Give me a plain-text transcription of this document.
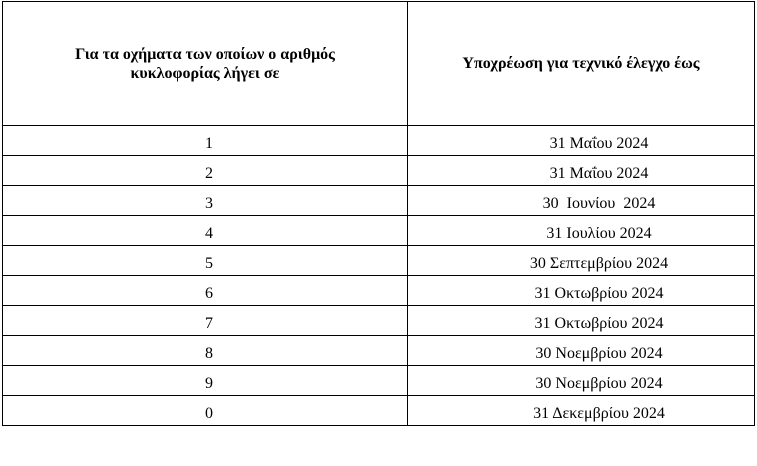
Για τα οχήματα των οποίων ο αριθμός κυκλοφορίας λήγει σε	Υποχρέωση για τεχνικό έλεγχο έως
1	31 Μαΐου 2024
2	31 Μαΐου 2024
3	30  Ιουνίου  2024
4	31 Ιουλίου 2024
5	30 Σεπτεμβρίου 2024
6	31 Οκτωβρίου 2024
7	31 Οκτωβρίου 2024
8	30 Νοεμβρίου 2024
9	30 Νοεμβρίου 2024
0	31 Δεκεμβρίου 2024
